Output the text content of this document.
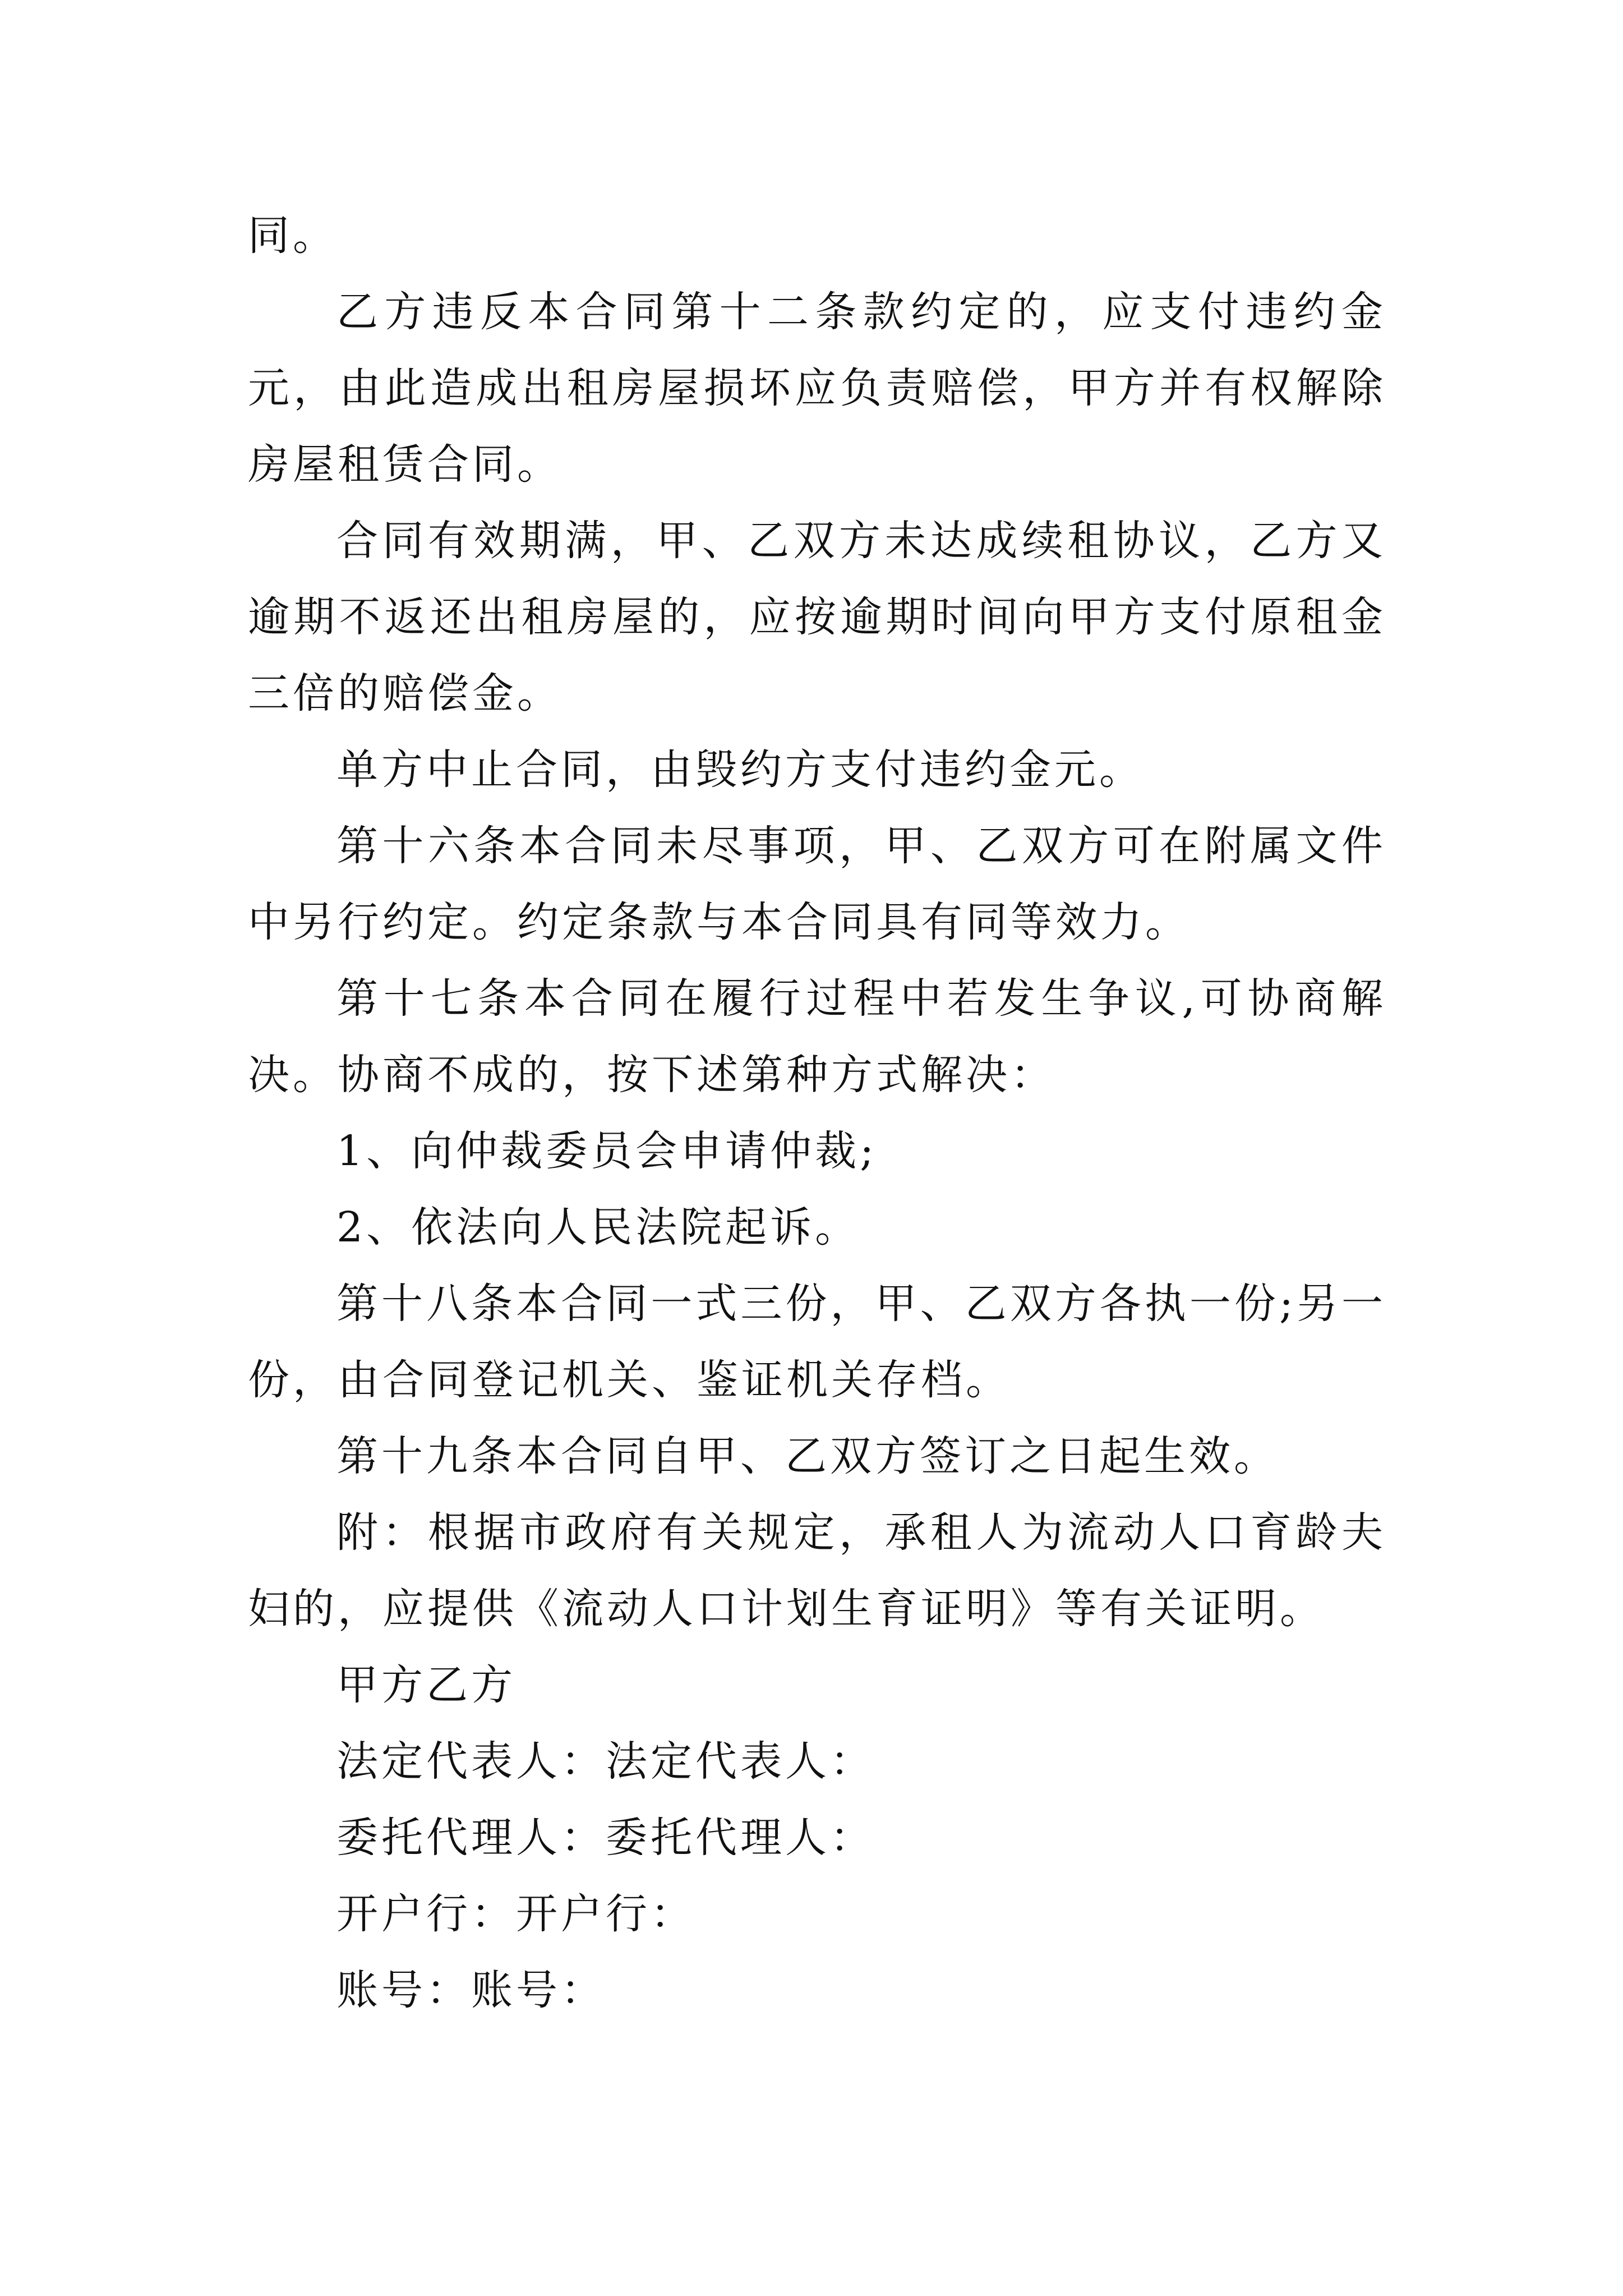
同。

乙方违反本合同第十二条款约定的，应支付违约金元，由此造成出租房屋损坏应负责赔偿，甲方并有权解除房屋租赁合同。

合同有效期满，甲、乙双方未达成续租协议，乙方又逾期不返还出租房屋的，应按逾期时间向甲方支付原租金三倍的赔偿金。

单方中止合同，由毁约方支付违约金元。

第十六条本合同未尽事项，甲、乙双方可在附属文件中另行约定。约定条款与本合同具有同等效力。

第十七条本合同在履行过程中若发生争议,可协商解决。协商不成的，按下述第种方式解决：

1、向仲裁委员会申请仲裁;

2、依法向人民法院起诉。

第十八条本合同一式三份，甲、乙双方各执一份;另一份，由合同登记机关、鉴证机关存档。

第十九条本合同自甲、乙双方签订之日起生效。

附：根据市政府有关规定，承租人为流动人口育龄夫妇的，应提供《流动人口计划生育证明》等有关证明。

甲方乙方
法定代表人：法定代表人：
委托代理人：委托代理人：
开户行：开户行：
账号：账号：
